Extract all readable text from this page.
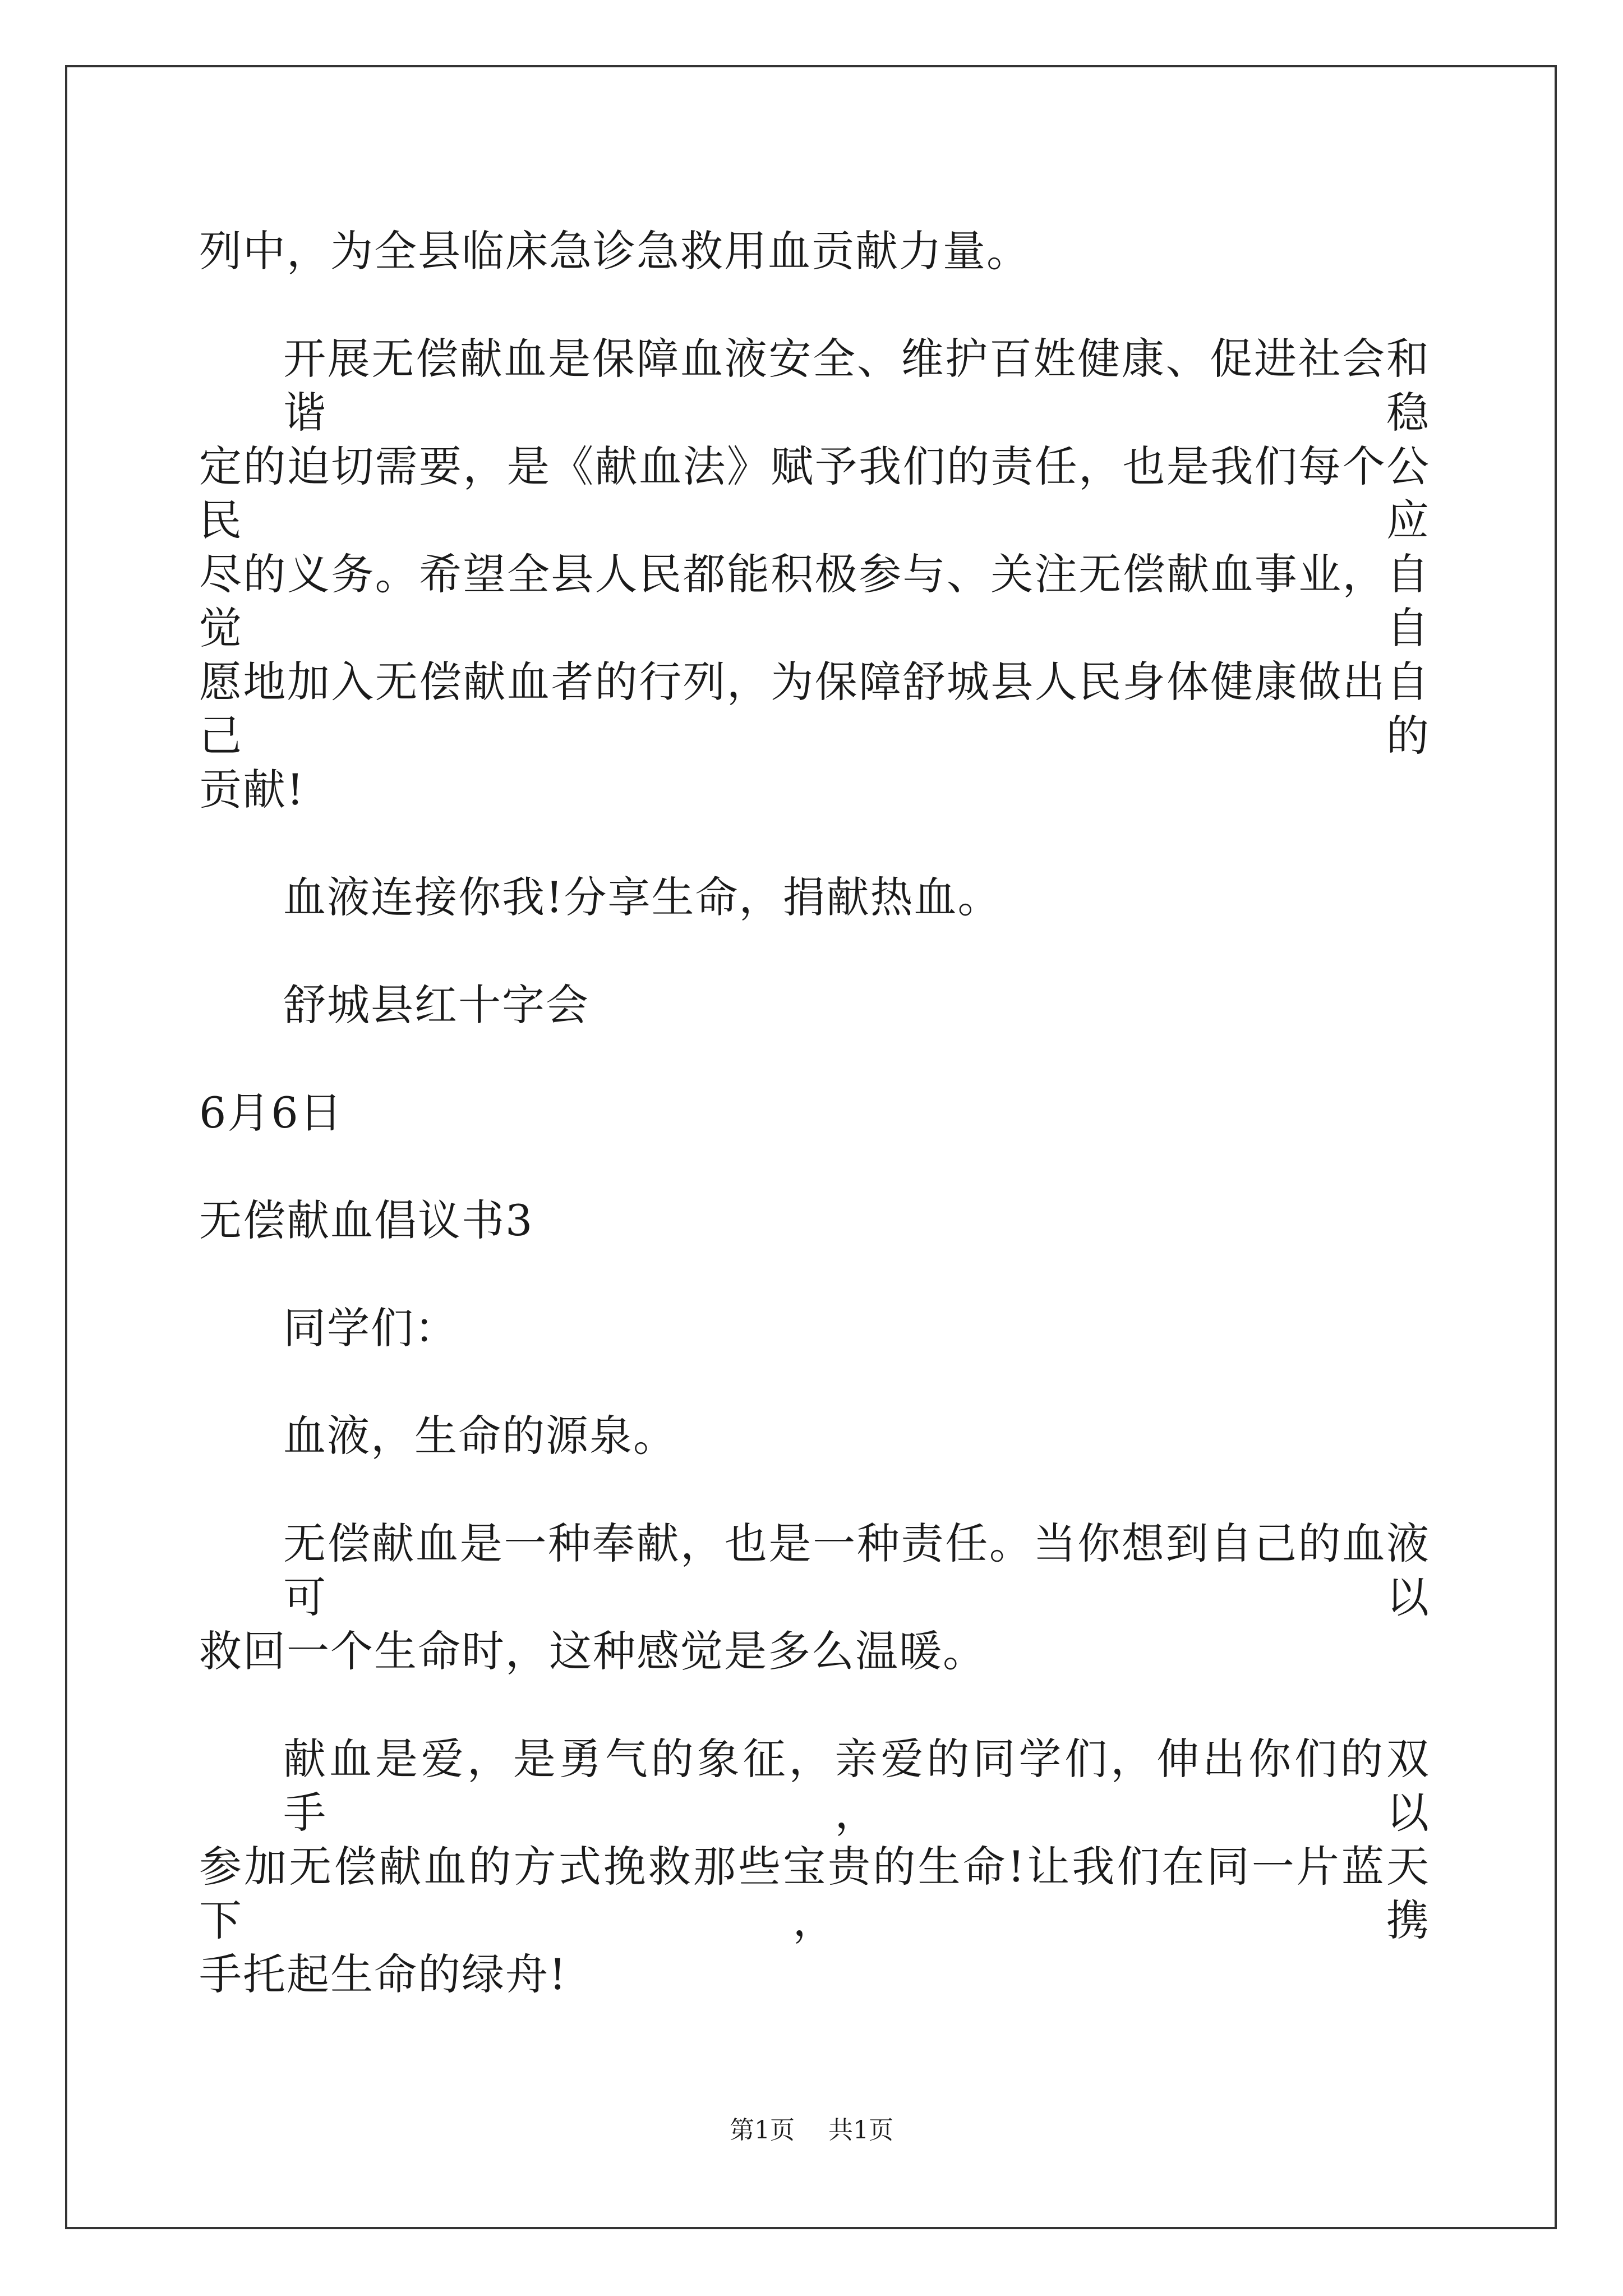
列中，为全县临床急诊急救用血贡献力量。

开展无偿献血是保障血液安全、维护百姓健康、促进社会和谐稳

定的迫切需要，是《献血法》赋予我们的责任，也是我们每个公民应

尽的义务。希望全县人民都能积极参与、关注无偿献血事业，自觉自

愿地加入无偿献血者的行列，为保障舒城县人民身体健康做出自己的

贡献!

血液连接你我!分享生命，捐献热血。

舒城县红十字会

6月6日

无偿献血倡议书3

同学们：

血液，生命的源泉。

无偿献血是一种奉献，也是一种责任。当你想到自己的血液可以

救回一个生命时，这种感觉是多么温暖。

献血是爱，是勇气的象征，亲爱的同学们，伸出你们的双手，以

参加无偿献血的方式挽救那些宝贵的生命!让我们在同一片蓝天下，携

手托起生命的绿舟!

第1页 共1页
